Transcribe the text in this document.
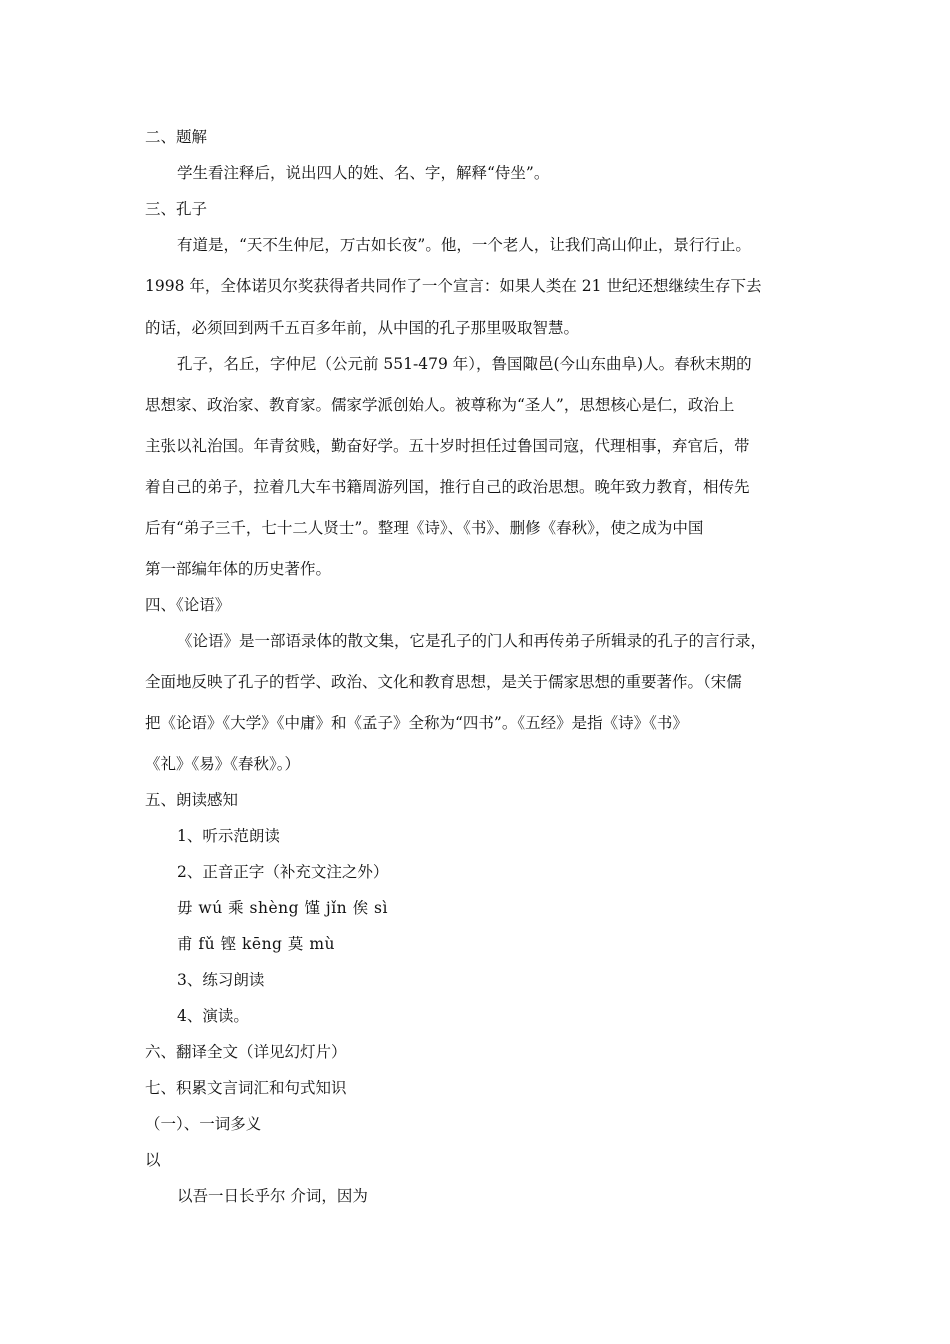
二、题解
学生看注释后，说出四人的姓、名、字，解释“侍坐”。
三、孔子
有道是，“天不生仲尼，万古如长夜”。他，一个老人，让我们高山仰止，景行行止。
1998 年，全体诺贝尔奖获得者共同作了一个宣言：如果人类在 21 世纪还想继续生存下去
的话，必须回到两千五百多年前，从中国的孔子那里吸取智慧。
孔子，名丘，字仲尼（公元前 551-479 年），鲁国陬邑(今山东曲阜)人。春秋末期的
思想家、政治家、教育家。儒家学派创始人。被尊称为“圣人”，思想核心是仁，政治上
主张以礼治国。年青贫贱，勤奋好学。五十岁时担任过鲁国司寇，代理相事，弃官后，带
着自己的弟子，拉着几大车书籍周游列国，推行自己的政治思想。晚年致力教育，相传先
后有“弟子三千，七十二人贤士”。整理《诗》、《书》、删修《春秋》，使之成为中国
第一部编年体的历史著作。
四、《论语》
《论语》是一部语录体的散文集，它是孔子的门人和再传弟子所辑录的孔子的言行录，
全面地反映了孔子的哲学、政治、文化和教育思想，是关于儒家思想的重要著作。（宋儒
把《论语》《大学》《中庸》和《孟子》全称为“四书”。《五经》是指《诗》《书》
《礼》《易》《春秋》。）
五、朗读感知
1、听示范朗读
2、正音正字（补充文注之外）
毋 wú 乘 shèng 馑 jǐn 俟 sì
甫 fǔ 铿 kēng 莫 mù
3、练习朗读
4、演读。
六、翻译全文（详见幻灯片）
七、积累文言词汇和句式知识
（一）、一词多义
以
以吾一日长乎尔 介词，因为
